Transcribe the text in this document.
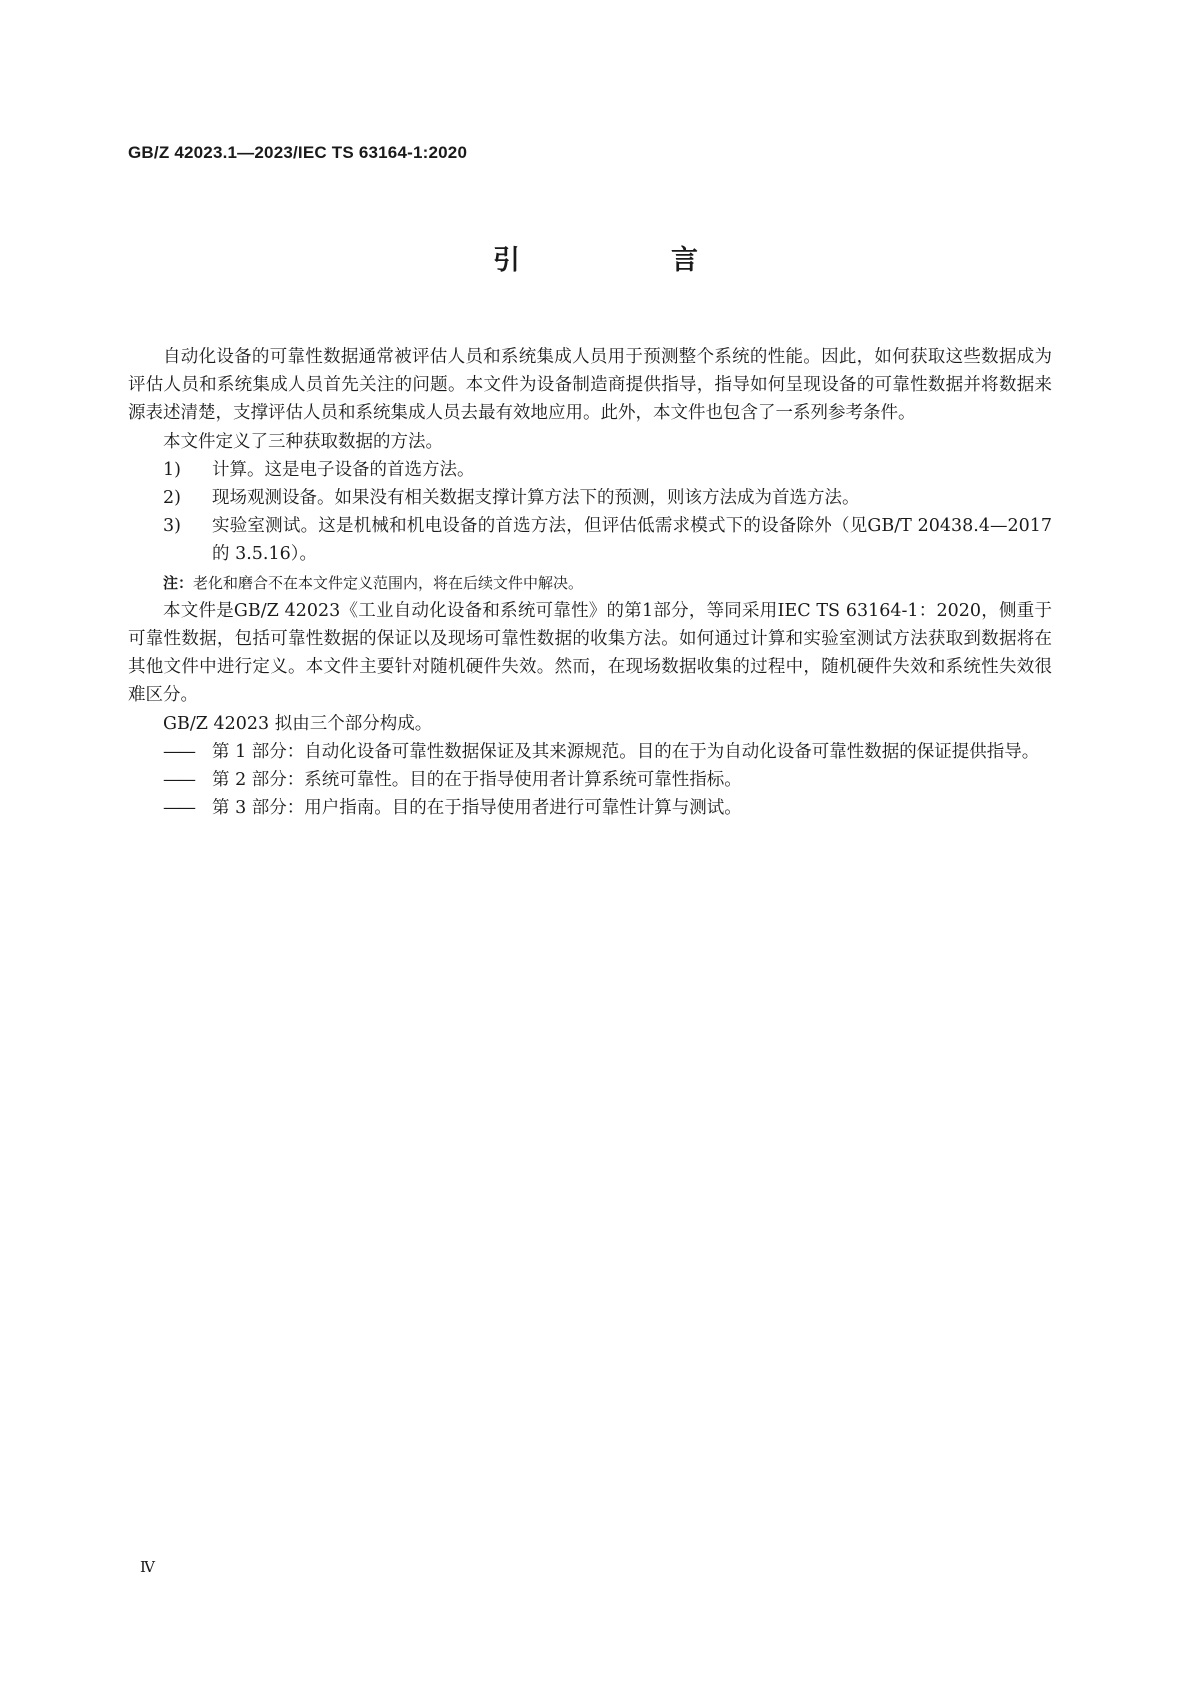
GB/Z 42023.1—2023/IEC TS 63164-1:2020
引　言

自动化设备的可靠性数据通常被评估人员和系统集成人员用于预测整个系统的性能。因此，如何获取这些数据成为评估人员和系统集成人员首先关注的问题。本文件为设备制造商提供指导，指导如何呈现设备的可靠性数据并将数据来源表述清楚，支撑评估人员和系统集成人员去最有效地应用。此外，本文件也包含了一系列参考条件。

本文件定义了三种获取数据的方法。

1) 计算。这是电子设备的首选方法。
2) 现场观测设备。如果没有相关数据支撑计算方法下的预测，则该方法成为首选方法。
3) 实验室测试。这是机械和机电设备的首选方法，但评估低需求模式下的设备除外（见GB/T 20438.4—2017 的 3.5.16）。

注：老化和磨合不在本文件定义范围内，将在后续文件中解决。

本文件是GB/Z 42023《工业自动化设备和系统可靠性》的第1部分，等同采用IEC TS 63164-1：2020，侧重于可靠性数据，包括可靠性数据的保证以及现场可靠性数据的收集方法。如何通过计算和实验室测试方法获取到数据将在其他文件中进行定义。本文件主要针对随机硬件失效。然而，在现场数据收集的过程中，随机硬件失效和系统性失效很难区分。

GB/Z 42023 拟由三个部分构成。

—— 第 1 部分：自动化设备可靠性数据保证及其来源规范。目的在于为自动化设备可靠性数据的保证提供指导。
—— 第 2 部分：系统可靠性。目的在于指导使用者计算系统可靠性指标。
—— 第 3 部分：用户指南。目的在于指导使用者进行可靠性计算与测试。
Ⅳ
